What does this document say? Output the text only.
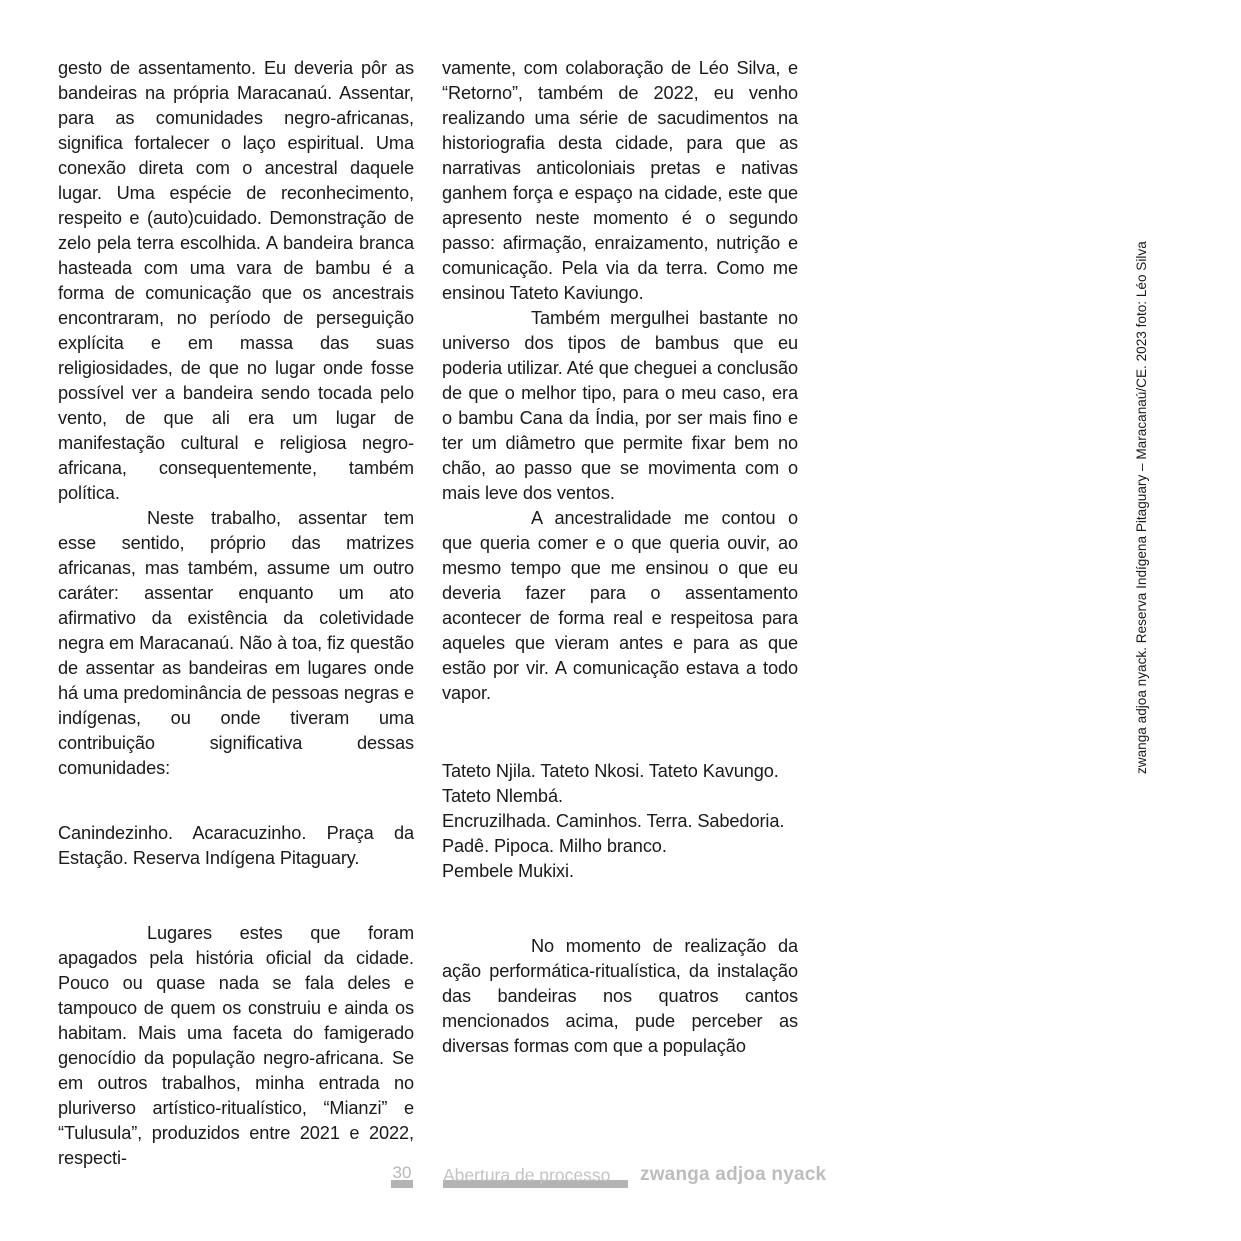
gesto de assentamento. Eu deveria pôr as bandeiras na própria Maracanaú. Assentar, para as comunidades negro-africanas, significa fortalecer o laço espiritual. Uma conexão direta com o ancestral daquele lugar. Uma espécie de reconhecimento, respeito e (auto)cuidado. Demonstração de zelo pela terra escolhida. A bandeira branca hasteada com uma vara de bambu é a forma de comunicação que os ancestrais encontraram, no período de perseguição explícita e em massa das suas religiosidades, de que no lugar onde fosse possível ver a bandeira sendo tocada pelo vento, de que ali era um lugar de manifestação cultural e religiosa negro-africana, consequentemente, também política.

Neste trabalho, assentar tem esse sentido, próprio das matrizes africanas, mas também, assume um outro caráter: assentar enquanto um ato afirmativo da existência da coletividade negra em Maracanaú. Não à toa, fiz questão de assentar as bandeiras em lugares onde há uma predominância de pessoas negras e indígenas, ou onde tiveram uma contribuição significativa dessas comunidades:

Canindezinho. Acaracuzinho. Praça da Estação. Reserva Indígena Pitaguary.

Lugares estes que foram apagados pela história oficial da cidade. Pouco ou quase nada se fala deles e tampouco de quem os construiu e ainda os habitam. Mais uma faceta do famigerado genocídio da população negro-africana. Se em outros trabalhos, minha entrada no pluriverso artístico-ritualístico, “Mianzi” e “Tulusula”, produzidos entre 2021 e 2022, respecti-

vamente, com colaboração de Léo Silva, e “Retorno”, também de 2022, eu venho realizando uma série de sacudimentos na historiografia desta cidade, para que as narrativas anticoloniais pretas e nativas ganhem força e espaço na cidade, este que apresento neste momento é o segundo passo: afirmação, enraizamento, nutrição e comunicação. Pela via da terra. Como me ensinou Tateto Kaviungo.

Também mergulhei bastante no universo dos tipos de bambus que eu poderia utilizar. Até que cheguei a conclusão de que o melhor tipo, para o meu caso, era o bambu Cana da Índia, por ser mais fino e ter um diâmetro que permite fixar bem no chão, ao passo que se movimenta com o mais leve dos ventos.

A ancestralidade me contou o que queria comer e o que queria ouvir, ao mesmo tempo que me ensinou o que eu deveria fazer para o assentamento acontecer de forma real e respeitosa para aqueles que vieram antes e para as que estão por vir. A comunicação estava a todo vapor.

Tateto Njila. Tateto Nkosi. Tateto Kavungo.

Tateto Nlembá.

Encruzilhada. Caminhos. Terra. Sabedoria.

Padê. Pipoca. Milho branco.

Pembele Mukixi.

No momento de realização da ação performática-ritualística, da instalação das bandeiras nos quatros cantos mencionados acima, pude perceber as diversas formas com que a população

zwanga adjoa nyack. Reserva Indígena Pitaguary – Maracanaú/CE. 2023 foto: Léo Silva
30 Abertura de processo zwanga adjoa nyack
